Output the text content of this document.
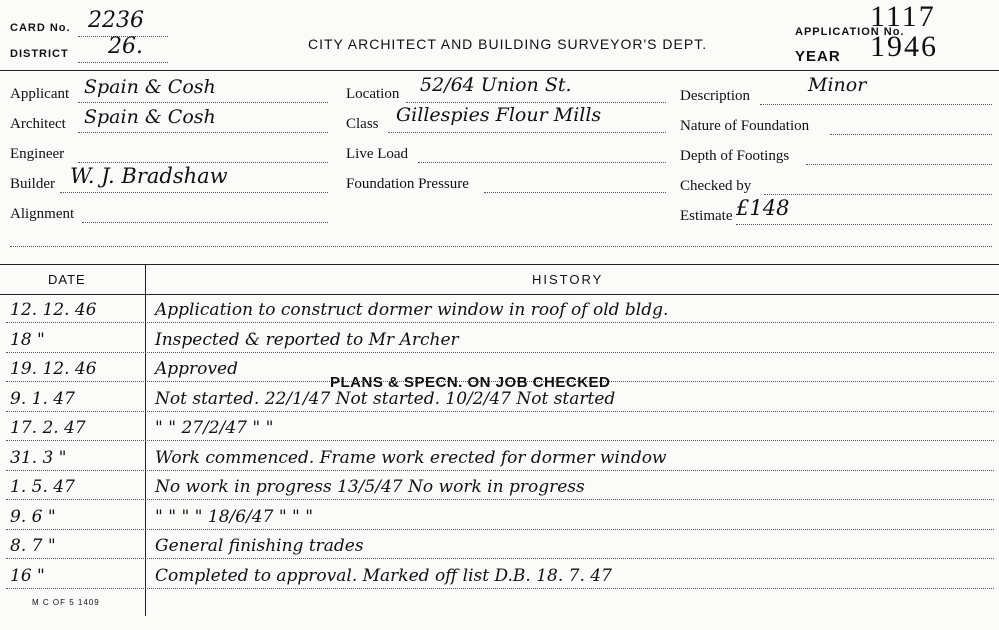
CARD No. 2236
DISTRICT 26.	CITY ARCHITECT AND BUILDING SURVEYOR'S DEPT.
APPLICATION No.
1117
YEAR 1946
Applicant Spain & Cosh
Architect Spain & Cosh
Engineer
Builder W. J. Bradshaw
Alignment
Location 52/64 Union St.
Class Gillespies Flour Mills
Live Load
Foundation Pressure
Description	Minor
Nature of Foundation
Depth of Footings
Checked by
Estimate £148
DATE	HISTORY
12. 12. 46	Application to construct dormer window in roof of old bldg.
18 "	Inspected & reported to Mr Archer
19. 12. 46	Approved
9. 1. 47	Not started. 22/1/47 Not started. 10/2/47 Not started
17. 2. 47	" " 27/2/47 " "
31. 3 "	Work commenced. Frame work erected for dormer window
1. 5. 47	No work in progress 13/5/47 No work in progress
9. 6 "	" " " " 18/6/47 " " "
8. 7 "	General finishing trades
16 "	Completed to approval. Marked off list D.B. 18. 7. 47
PLANS & SPECN. ON JOB CHECKED
M C OF 5 1409
